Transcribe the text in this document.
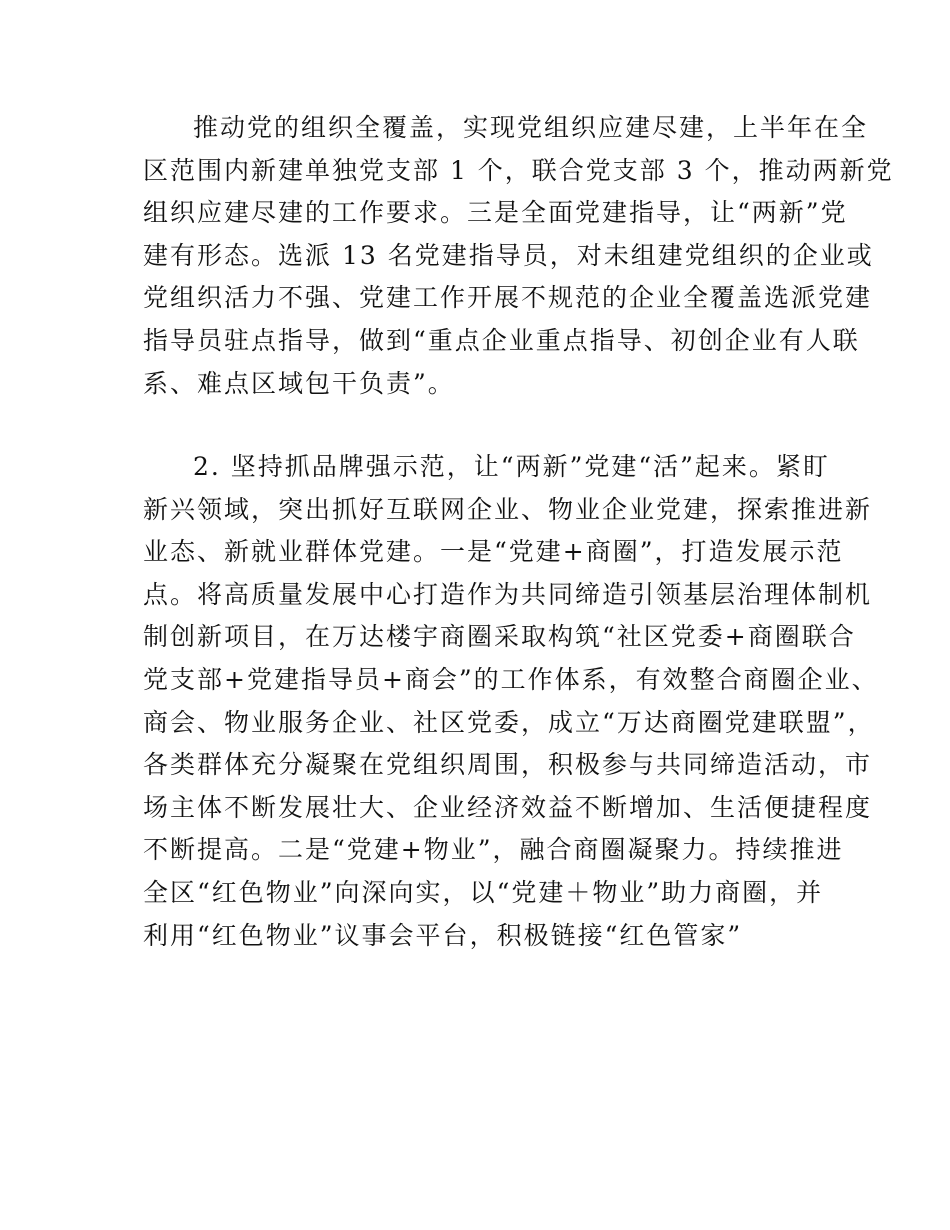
推动党的组织全覆盖，实现党组织应建尽建，上半年在全
区范围内新建单独党支部 1 个，联合党支部 3 个，推动两新党
组织应建尽建的工作要求。三是全面党建指导，让“两新”党
建有形态。选派 13 名党建指导员，对未组建党组织的企业或
党组织活力不强、党建工作开展不规范的企业全覆盖选派党建
指导员驻点指导，做到“重点企业重点指导、初创企业有人联
系、难点区域包干负责”。
2. 坚持抓品牌强示范，让“两新”党建“活”起来。紧盯
新兴领域，突出抓好互联网企业、物业企业党建，探索推进新
业态、新就业群体党建。一是“党建+商圈”，打造发展示范
点。将高质量发展中心打造作为共同缔造引领基层治理体制机
制创新项目，在万达楼宇商圈采取构筑“社区党委+商圈联合
党支部+党建指导员+商会”的工作体系，有效整合商圈企业、
商会、物业服务企业、社区党委，成立“万达商圈党建联盟”，
各类群体充分凝聚在党组织周围，积极参与共同缔造活动，市
场主体不断发展壮大、企业经济效益不断增加、生活便捷程度
不断提高。二是“党建+物业”，融合商圈凝聚力。持续推进
全区“红色物业”向深向实，以“党建＋物业”助力商圈，并
利用“红色物业”议事会平台，积极链接“红色管家”
